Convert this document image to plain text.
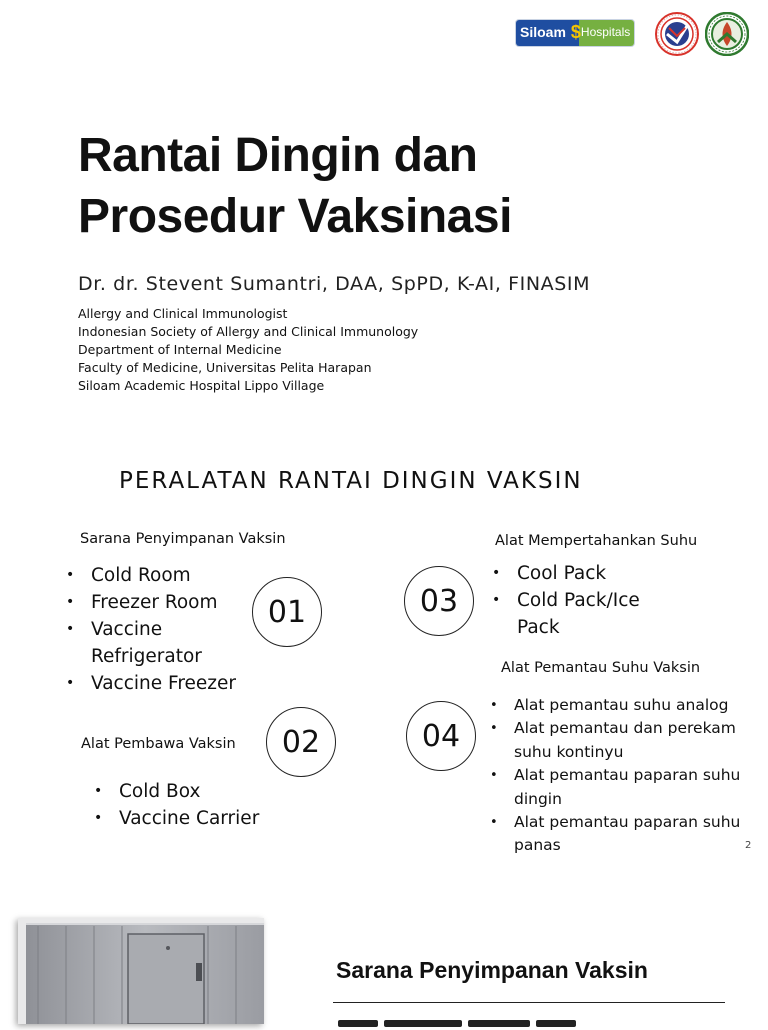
Siloam $ Hospitals
Rantai Dingin dan
Prosedur Vaksinasi
Dr. dr. Stevent Sumantri, DAA, SpPD, K-AI, FINASIM
Allergy and Clinical Immunologist
Indonesian Society of Allergy and Clinical Immunology
Department of Internal Medicine
Faculty of Medicine, Universitas Pelita Harapan
Siloam Academic Hospital Lippo Village
PERALATAN RANTAI DINGIN VAKSIN
Sarana Penyimpanan Vaksin
• Cold Room
• Freezer Room
• Vaccine Refrigerator
• Vaccine Freezer
01
Alat Pembawa Vaksin	02
• Cold Box
• Vaccine Carrier
Alat Mempertahankan Suhu
03
• Cool Pack
• Cold Pack/Ice Pack
Alat Pemantau Suhu Vaksin
04
• Alat pemantau suhu analog
• Alat pemantau dan perekam suhu kontinyu
• Alat pemantau paparan suhu dingin
• Alat pemantau paparan suhu panas	2
Sarana Penyimpanan Vaksin
